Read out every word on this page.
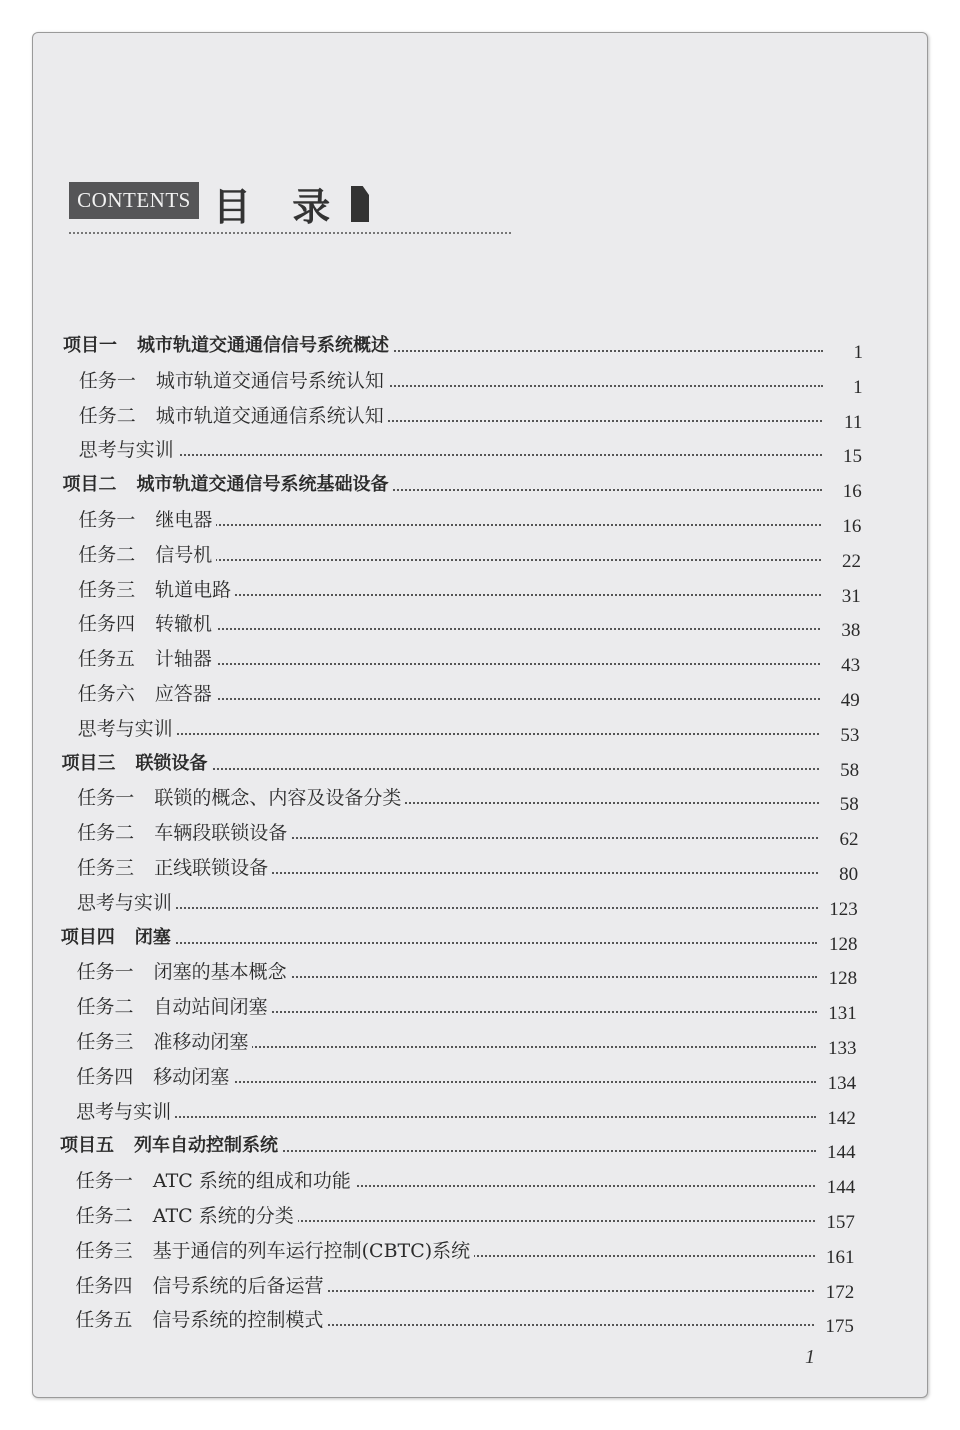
CONTENTS 目 录
项目一 城市轨道交通通信信号系统概述	1
任务一 城市轨道交通信号系统认知	1
任务二 城市轨道交通通信系统认知	11
思考与实训	15
项目二 城市轨道交通信号系统基础设备	16
任务一 继电器	16
任务二 信号机	22
任务三 轨道电路	31
任务四 转辙机	38
任务五 计轴器	43
任务六 应答器	49
思考与实训	53
项目三 联锁设备	58
任务一 联锁的概念、内容及设备分类	58
任务二 车辆段联锁设备	62
任务三 正线联锁设备	80
思考与实训	123
项目四 闭塞	128
任务一 闭塞的基本概念	128
任务二 自动站间闭塞	131
任务三 准移动闭塞	133
任务四 移动闭塞	134
思考与实训	142
项目五 列车自动控制系统	144
任务一 ATC 系统的组成和功能	144
任务二 ATC 系统的分类	157
任务三 基于通信的列车运行控制(CBTC)系统	161
任务四 信号系统的后备运营	172
任务五 信号系统的控制模式	175
1
